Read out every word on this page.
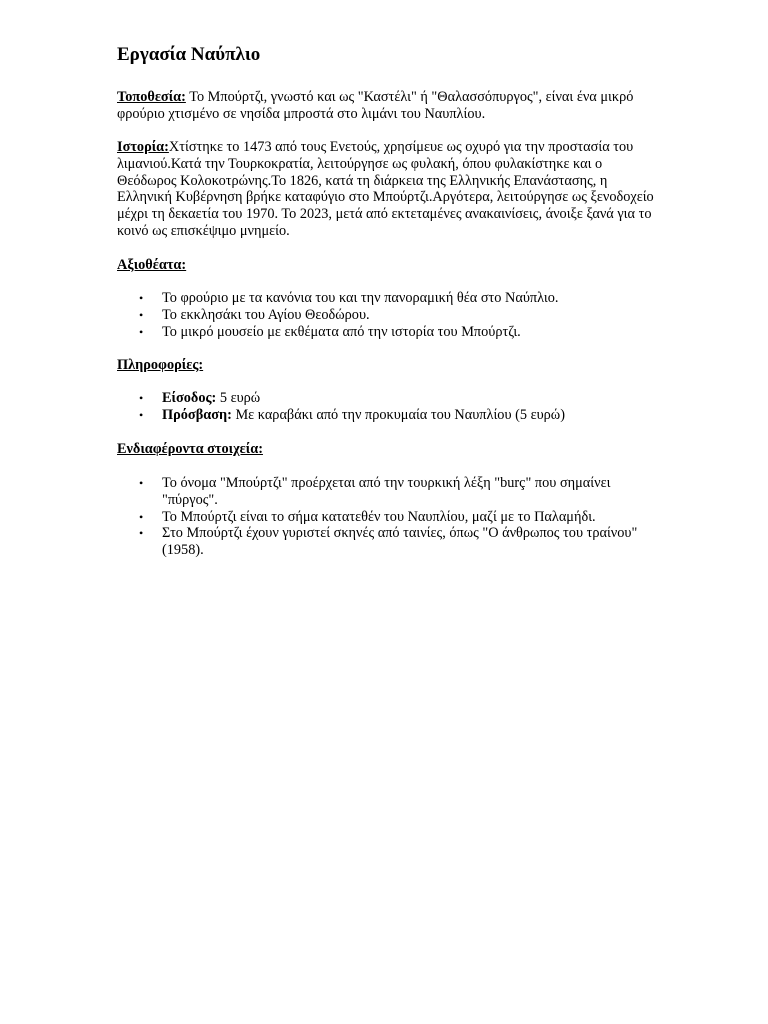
Εργασία Ναύπλιο

Τοποθεσία: Το Μπούρτζι, γνωστό και ως "Καστέλι" ή "Θαλασσόπυργος", είναι ένα μικρό φρούριο χτισμένο σε νησίδα μπροστά στο λιμάνι του Ναυπλίου.

Ιστορία:Χτίστηκε το 1473 από τους Ενετούς, χρησίμευε ως οχυρό για την προστασία του λιμανιού.Κατά την Τουρκοκρατία, λειτούργησε ως φυλακή, όπου φυλακίστηκε και ο Θεόδωρος Κολοκοτρώνης.Το 1826, κατά τη διάρκεια της Ελληνικής Επανάστασης, η Ελληνική Κυβέρνηση βρήκε καταφύγιο στο Μπούρτζι.Αργότερα, λειτούργησε ως ξενοδοχείο μέχρι τη δεκαετία του 1970. Το 2023, μετά από εκτεταμένες ανακαινίσεις, άνοιξε ξανά για το κοινό ως επισκέψιμο μνημείο.

Αξιοθέατα:
• Το φρούριο με τα κανόνια του και την πανοραμική θέα στο Ναύπλιο.
• Το εκκλησάκι του Αγίου Θεοδώρου.
• Το μικρό μουσείο με εκθέματα από την ιστορία του Μπούρτζι.
Πληροφορίες:
• Είσοδος: 5 ευρώ
• Πρόσβαση: Με καραβάκι από την προκυμαία του Ναυπλίου (5 ευρώ)
Ενδιαφέροντα στοιχεία:
• Το όνομα "Μπούρτζι" προέρχεται από την τουρκική λέξη "burç" που σημαίνει "πύργος".
• Το Μπούρτζι είναι το σήμα κατατεθέν του Ναυπλίου, μαζί με το Παλαμήδι.
• Στο Μπούρτζι έχουν γυριστεί σκηνές από ταινίες, όπως "Ο άνθρωπος του τραίνου" (1958).
